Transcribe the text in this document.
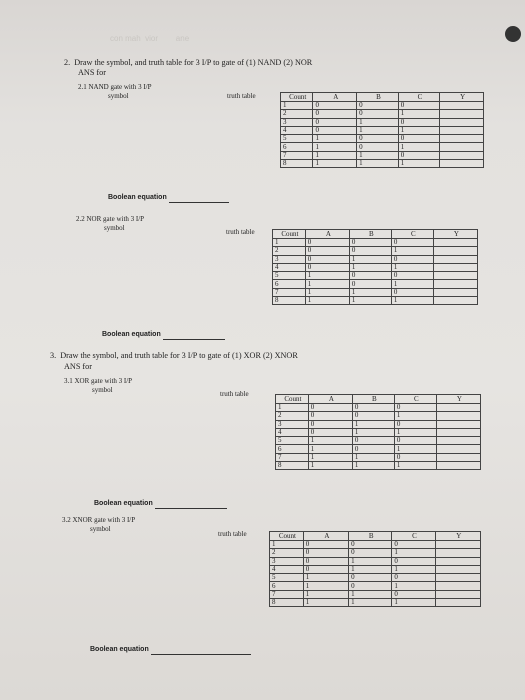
con mah  vior        ane
2. Draw the symbol, and truth table for 3 I/P to gate of (1) NAND (2) NOR
ANS for
2.1 NAND gate with 3 I/P
symbol	truth table	Count	A	B	C	Y
1	0	0	0	
2	0	0	1	
3	0	1	0	
4	0	1	1	
5	1	0	0	
6	1	0	1	
7	1	1	0	
8	1	1	1	
Boolean equation
2.2 NOR gate with 3 I/P
symbol	truth table	Count	A	B	C	Y
1	0	0	0	
2	0	0	1	
3	0	1	0	
4	0	1	1	
5	1	0	0	
6	1	0	1	
7	1	1	0	
8	1	1	1	
Boolean equation
3. Draw the symbol, and truth table for 3 I/P to gate of (1) XOR (2) XNOR
ANS for
3.1 XOR gate with 3 I/P
symbol	truth table
Count	A	B	C	Y
1	0	0	0	
2	0	0	1	
3	0	1	0	
4	0	1	1	
5	1	0	0	
6	1	0	1	
7	1	1	0	
8	1	1	1	
Boolean equation
3.2 XNOR gate with 3 I/P
symbol
truth table	Count	A	B	C	Y
1	0	0	0	
2	0	0	1	
3	0	1	0	
4	0	1	1	
5	1	0	0	
6	1	0	1	
7	1	1	0	
8	1	1	1	
Boolean equation
